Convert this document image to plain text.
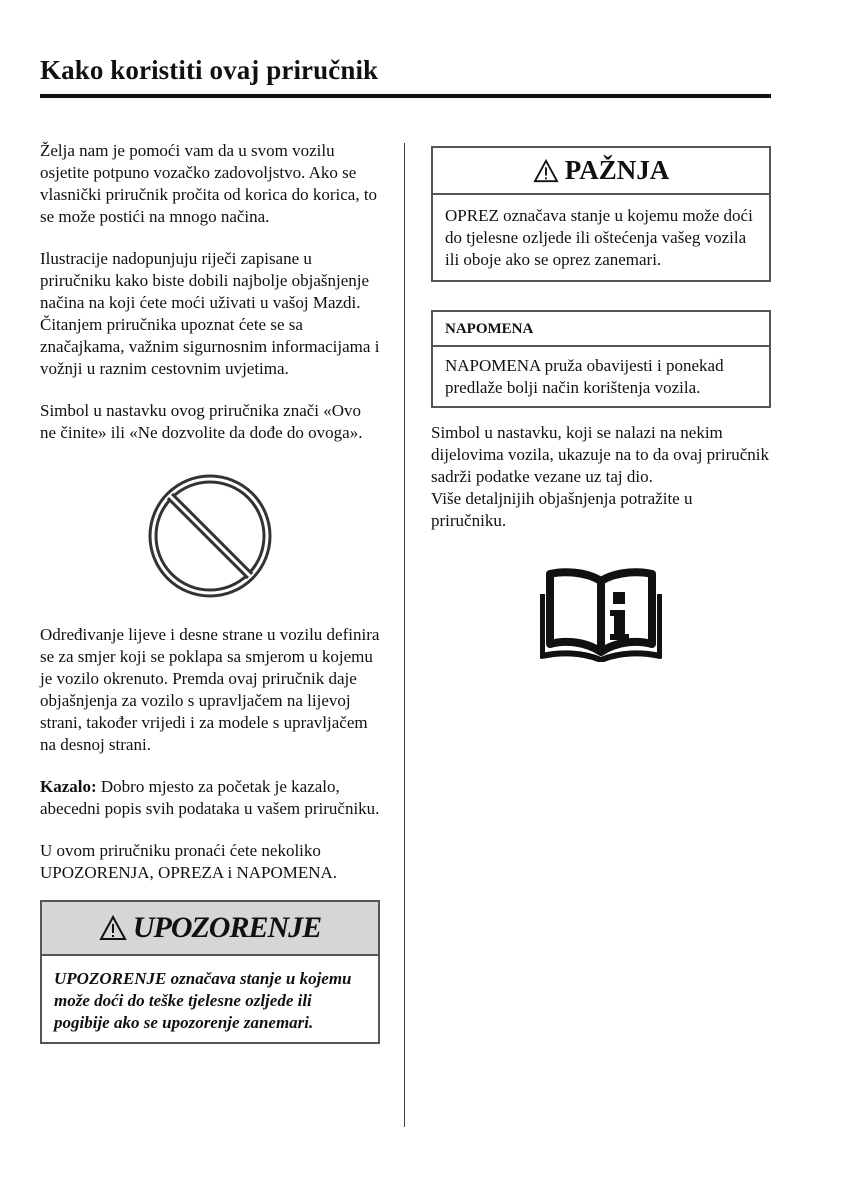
Kako koristiti ovaj priručnik

Željа nam je pomoći vam da u svom vozilu osjetite potpuno vozačko zadovoljstvo. Ako se vlasnički priručnik pročita od korica do korica, to se može postići na mnogo načina.

Ilustracije nadopunjuju riječi zapisane u priručniku kako biste dobili najbolje objašnjenje načina na koji ćete moći uživati u vašoj Mazdi. Čitanjem priručnika upoznat ćete se sa značajkama, važnim sigurnosnim informacijama i vožnji u raznim cestovnim uvjetima.

Simbol u nastavku ovog priručnika znači «Ovo ne činite» ili «Ne dozvolite da dođe do ovoga».

Određivanje lijeve i desne strane u vozilu definira se za smjer koji se poklapa sa smjerom u kojemu je vozilo okrenuto. Premda ovaj priručnik daje objašnjenja za vozilo s upravljačem na lijevoj strani, također vrijedi i za modele s upravljačem na desnoj strani.

Kazalo: Dobro mjesto za početak je kazalo, abecedni popis svih podataka u vašem priručniku.

U ovom priručniku pronaći ćete nekoliko UPOZORENJA, OPREZA i NAPOMENA.

UPOZORENJE
UPOZORENJE označava stanje u kojemu može doći do teške tjelesne ozljede ili pogibije ako se upozorenje zanemari.
PAŽNJA
OPREZ označava stanje u kojemu može doći do tjelesne ozljede ili oštećenja vašeg vozila ili oboje ako se oprez zanemari.
NAPOMENA
NAPOMENA pruža obavijesti i ponekad predlaže bolji način korištenja vozila.

Simbol u nastavku, koji se nalazi na nekim dijelovima vozila, ukazuje na to da ovaj priručnik sadrži podatke vezane uz taj dio.

Više detaljnijih objašnjenja potražite u priručniku.
